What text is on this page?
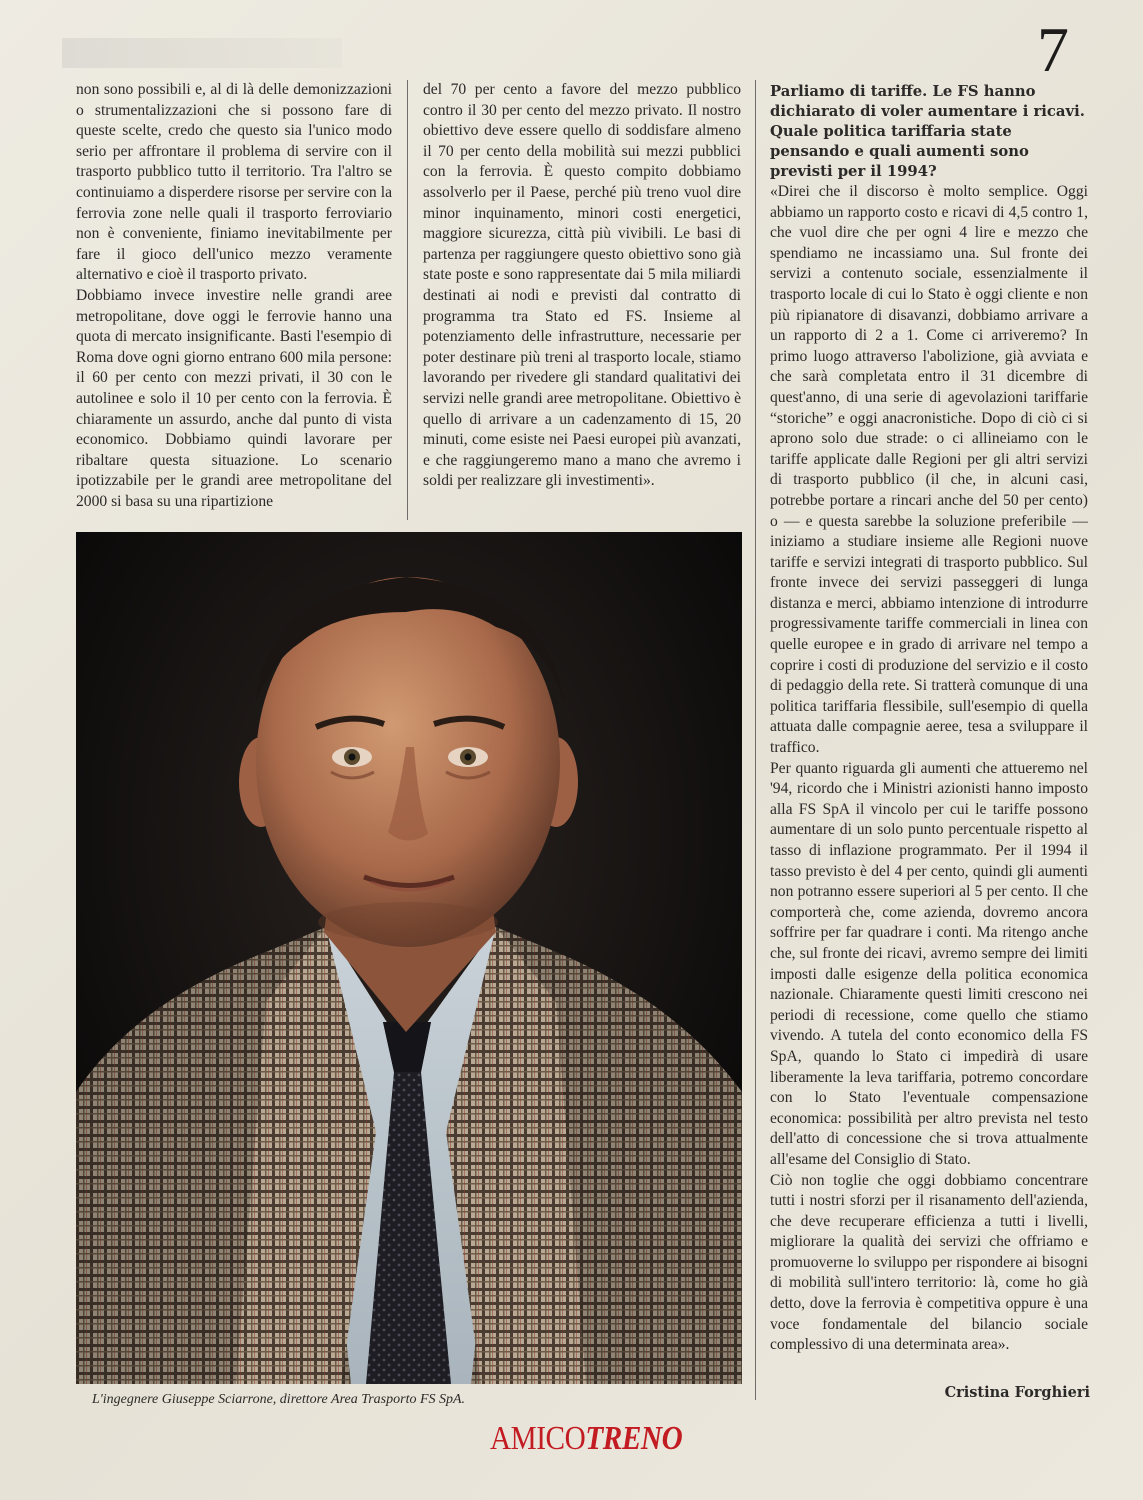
7

non sono possibili e, al di là delle demonizzazioni o strumentalizzazioni che si possono fare di queste scelte, credo che questo sia l'unico modo serio per affrontare il problema di servire con il trasporto pubblico tutto il territorio. Tra l'altro se continuiamo a disperdere risorse per servire con la ferrovia zone nelle quali il trasporto ferroviario non è conveniente, finiamo inevitabilmente per fare il gioco dell'unico mezzo veramente alternativo e cioè il trasporto privato.

Dobbiamo invece investire nelle grandi aree metropolitane, dove oggi le ferrovie hanno una quota di mercato insignificante. Basti l'esempio di Roma dove ogni giorno entrano 600 mila persone: il 60 per cento con mezzi privati, il 30 con le autolinee e solo il 10 per cento con la ferrovia. È chiaramente un assurdo, anche dal punto di vista economico. Dobbiamo quindi lavorare per ribaltare questa situazione. Lo scenario ipotizzabile per le grandi aree metropolitane del 2000 si basa su una ripartizione

del 70 per cento a favore del mezzo pubblico contro il 30 per cento del mezzo privato. Il nostro obiettivo deve essere quello di soddisfare almeno il 70 per cento della mobilità sui mezzi pubblici con la ferrovia. È questo compito dobbiamo assolverlo per il Paese, perché più treno vuol dire minor inquinamento, minori costi energetici, maggiore sicurezza, città più vivibili. Le basi di partenza per raggiungere questo obiettivo sono già state poste e sono rappresentate dai 5 mila miliardi destinati ai nodi e previsti dal contratto di programma tra Stato ed FS. Insieme al potenziamento delle infrastrutture, necessarie per poter destinare più treni al trasporto locale, stiamo lavorando per rivedere gli standard qualitativi dei servizi nelle grandi aree metropolitane. Obiettivo è quello di arrivare a un cadenzamento di 15, 20 minuti, come esiste nei Paesi europei più avanzati, e che raggiungeremo mano a mano che avremo i soldi per realizzare gli investimenti».

Parliamo di tariffe. Le FS hanno dichiarato di voler aumentare i ricavi. Quale politica tariffaria state pensando e quali aumenti sono previsti per il 1994?

«Direi che il discorso è molto semplice. Oggi abbiamo un rapporto costo e ricavi di 4,5 contro 1, che vuol dire che per ogni 4 lire e mezzo che spendiamo ne incassiamo una. Sul fronte dei servizi a contenuto sociale, essenzialmente il trasporto locale di cui lo Stato è oggi cliente e non più ripianatore di disavanzi, dobbiamo arrivare a un rapporto di 2 a 1. Come ci arriveremo? In primo luogo attraverso l'abolizione, già avviata e che sarà completata entro il 31 dicembre di quest'anno, di una serie di agevolazioni tariffarie “storiche” e oggi anacronistiche. Dopo di ciò ci si aprono solo due strade: o ci allineiamo con le tariffe applicate dalle Regioni per gli altri servizi di trasporto pubblico (il che, in alcuni casi, potrebbe portare a rincari anche del 50 per cento) o — e questa sarebbe la soluzione preferibile — iniziamo a studiare insieme alle Regioni nuove tariffe e servizi integrati di trasporto pubblico. Sul fronte invece dei servizi passeggeri di lunga distanza e merci, abbiamo intenzione di introdurre progressivamente tariffe commerciali in linea con quelle europee e in grado di arrivare nel tempo a coprire i costi di produzione del servizio e il costo di pedaggio della rete. Si tratterà comunque di una politica tariffaria flessibile, sull'esempio di quella attuata dalle compagnie aeree, tesa a sviluppare il traffico.

Per quanto riguarda gli aumenti che attueremo nel '94, ricordo che i Ministri azionisti hanno imposto alla FS SpA il vincolo per cui le tariffe possono aumentare di un solo punto percentuale rispetto al tasso di inflazione programmato. Per il 1994 il tasso previsto è del 4 per cento, quindi gli aumenti non potranno essere superiori al 5 per cento. Il che comporterà che, come azienda, dovremo ancora soffrire per far quadrare i conti. Ma ritengo anche che, sul fronte dei ricavi, avremo sempre dei limiti imposti dalle esigenze della politica economica nazionale. Chiaramente questi limiti crescono nei periodi di recessione, come quello che stiamo vivendo. A tutela del conto economico della FS SpA, quando lo Stato ci impedirà di usare liberamente la leva tariffaria, potremo concordare con lo Stato l'eventuale compensazione economica: possibilità per altro prevista nel testo dell'atto di concessione che si trova attualmente all'esame del Consiglio di Stato.

Ciò non toglie che oggi dobbiamo concentrare tutti i nostri sforzi per il risanamento dell'azienda, che deve recuperare efficienza a tutti i livelli, migliorare la qualità dei servizi che offriamo e promuoverne lo sviluppo per rispondere ai bisogni di mobilità sull'intero territorio: là, come ho già detto, dove la ferrovia è competitiva oppure è una voce fondamentale del bilancio sociale complessivo di una determinata area».

L'ingegnere Giuseppe Sciarrone, direttore Area Trasporto FS SpA.	Cristina Forghieri
AMICOTRENO
